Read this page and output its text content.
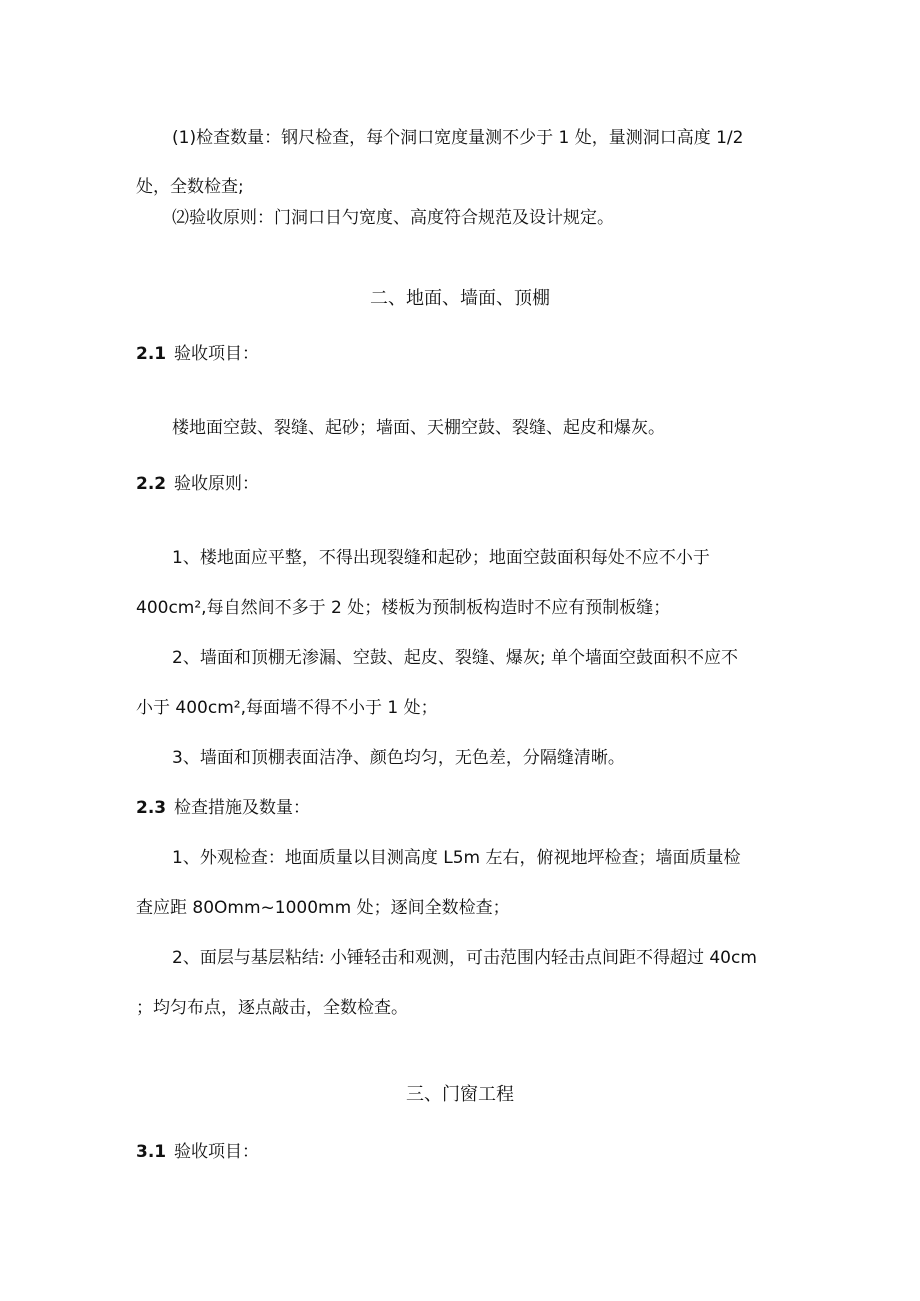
(1)检查数量：钢尺检查，每个洞口宽度量测不少于 1 处，量测洞口高度 1/2
处，全数检查;
⑵验收原则：门洞口日勺宽度、高度符合规范及设计规定。
二、地面、墙面、顶棚
2.1 验收项目：
楼地面空鼓、裂缝、起砂；墙面、天棚空鼓、裂缝、起皮和爆灰。
2.2 验收原则：
1、楼地面应平整，不得出现裂缝和起砂；地面空鼓面积每处不应不小于
400cm²,每自然间不多于 2 处；楼板为预制板构造时不应有预制板缝；
2、墙面和顶棚无渗漏、空鼓、起皮、裂缝、爆灰; 单个墙面空鼓面积不应不
小于 400cm²,每面墙不得不小于 1 处；
3、墙面和顶棚表面洁净、颜色均匀，无色差，分隔缝清晰。
2.3 检查措施及数量：
1、外观检查：地面质量以目测高度 L5m 左右，俯视地坪检查；墙面质量检
查应距 80Omm~1000mm 处；逐间全数检查；
2、面层与基层粘结: 小锤轻击和观测，可击范围内轻击点间距不得超过 40cm
；均匀布点，逐点敲击，全数检查。
三、门窗工程
3.1 验收项目：
